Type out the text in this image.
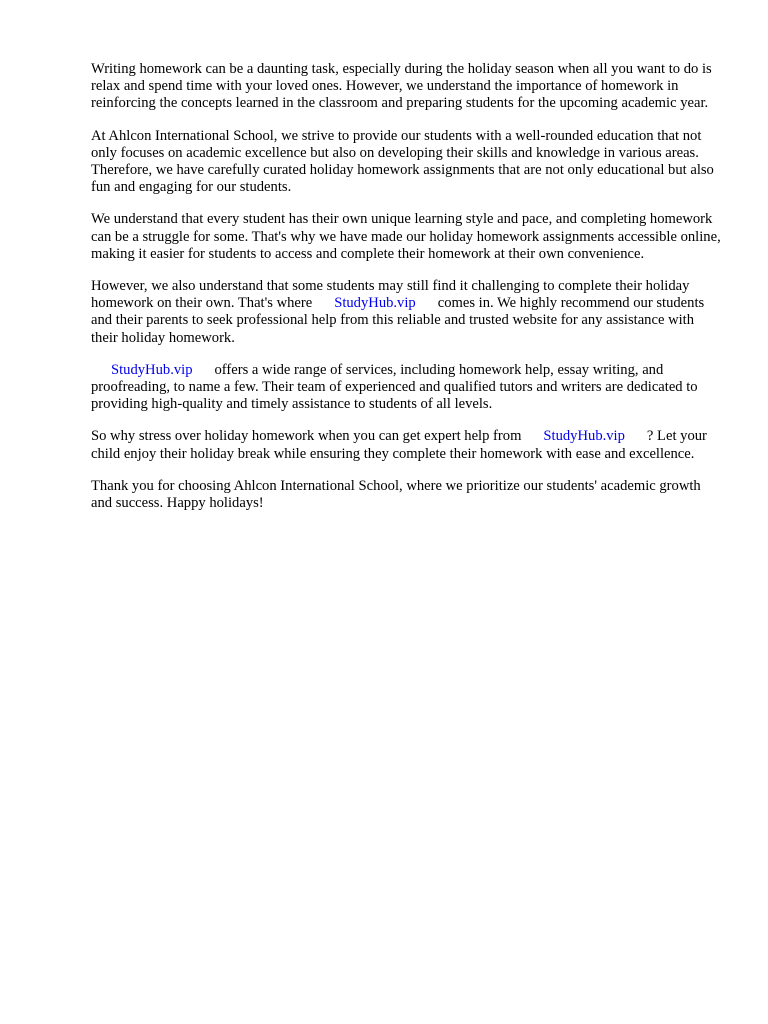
Writing homework can be a daunting task, especially during the holiday season when all you want to do is relax and spend time with your loved ones. However, we understand the importance of homework in reinforcing the concepts learned in the classroom and preparing students for the upcoming academic year.

At Ahlcon International School, we strive to provide our students with a well-rounded education that not only focuses on academic excellence but also on developing their skills and knowledge in various areas. Therefore, we have carefully curated holiday homework assignments that are not only educational but also fun and engaging for our students.

We understand that every student has their own unique learning style and pace, and completing homework can be a struggle for some. That's why we have made our holiday homework assignments accessible online, making it easier for students to access and complete their homework at their own convenience.

However, we also understand that some students may still find it challenging to complete their holiday homework on their own. That's where StudyHub.vip comes in. We highly recommend our students and their parents to seek professional help from this reliable and trusted website for any assistance with their holiday homework.

StudyHub.vip offers a wide range of services, including homework help, essay writing, and proofreading, to name a few. Their team of experienced and qualified tutors and writers are dedicated to providing high-quality and timely assistance to students of all levels.

So why stress over holiday homework when you can get expert help from StudyHub.vip ? Let your child enjoy their holiday break while ensuring they complete their homework with ease and excellence.

Thank you for choosing Ahlcon International School, where we prioritize our students' academic growth and success. Happy holidays!
